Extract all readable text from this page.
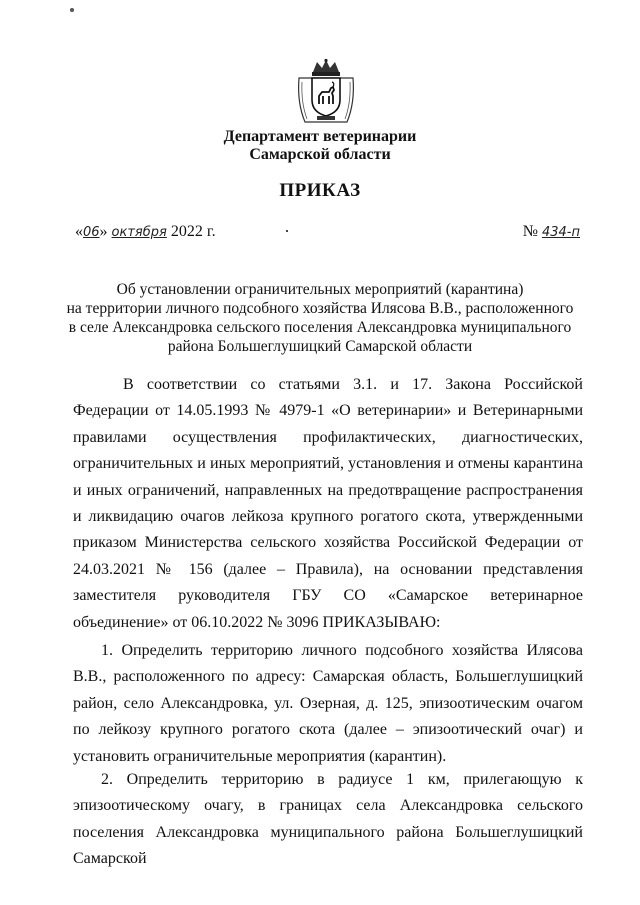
Департамент ветеринарии
Самарской области
ПРИКАЗ
«06» октября 2022 г.	№ 434-п
Об установлении ограничительных мероприятий (карантина)
на территории личного подсобного хозяйства Илясова В.В., расположенного
в селе Александровка сельского поселения Александровка муниципального
района Большеглушицкий Самарской области
В соответствии со статьями 3.1. и 17. Закона Российской Федерации от 14.05.1993 № 4979-1 «О ветеринарии» и Ветеринарными правилами осуществления профилактических, диагностических, ограничительных и иных мероприятий, установления и отмены карантина и иных ограничений, направленных на предотвращение распространения и ликвидацию очагов лейкоза крупного рогатого скота, утвержденными приказом Министерства сельского хозяйства Российской Федерации от 24.03.2021 № 156 (далее – Правила), на основании представления заместителя руководителя ГБУ СО «Самарское ветеринарное объединение» от 06.10.2022 № 3096 ПРИКАЗЫВАЮ:
1. Определить территорию личного подсобного хозяйства Илясова В.В., расположенного по адресу: Самарская область, Большеглушицкий район, село Александровка, ул. Озерная, д. 125, эпизоотическим очагом по лейкозу крупного рогатого скота (далее – эпизоотический очаг) и установить ограничительные мероприятия (карантин).
2. Определить территорию в радиусе 1 км, прилегающую к эпизоотическому очагу, в границах села Александровка сельского поселения Александровка муниципального района Большеглушицкий Самарской
